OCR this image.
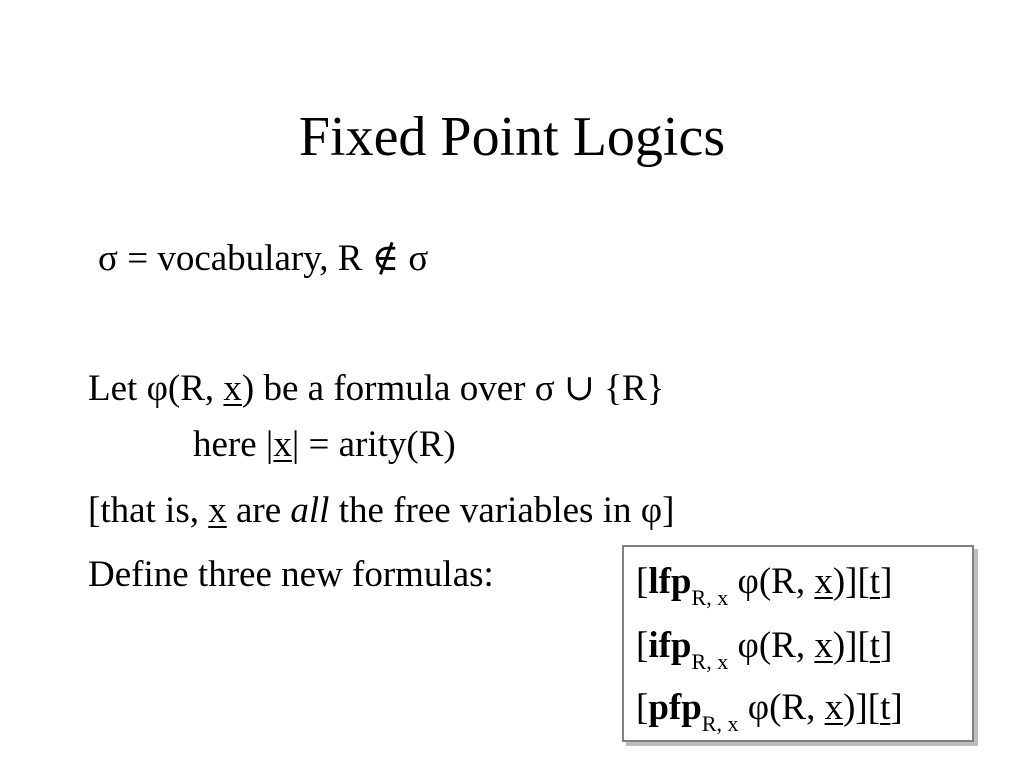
Fixed Point Logics
σ = vocabulary, R ∉ σ
Let φ(R, x) be a formula over σ ∪ {R}
here |x| = arity(R)
[that is, x are all the free variables in φ]
Define three new formulas:	[lfp$_{R, x}$ φ(R, x)][t]
[ifp$_{R, x}$ φ(R, x)][t]
[pfp$_{R, x}$ φ(R, x)][t]
